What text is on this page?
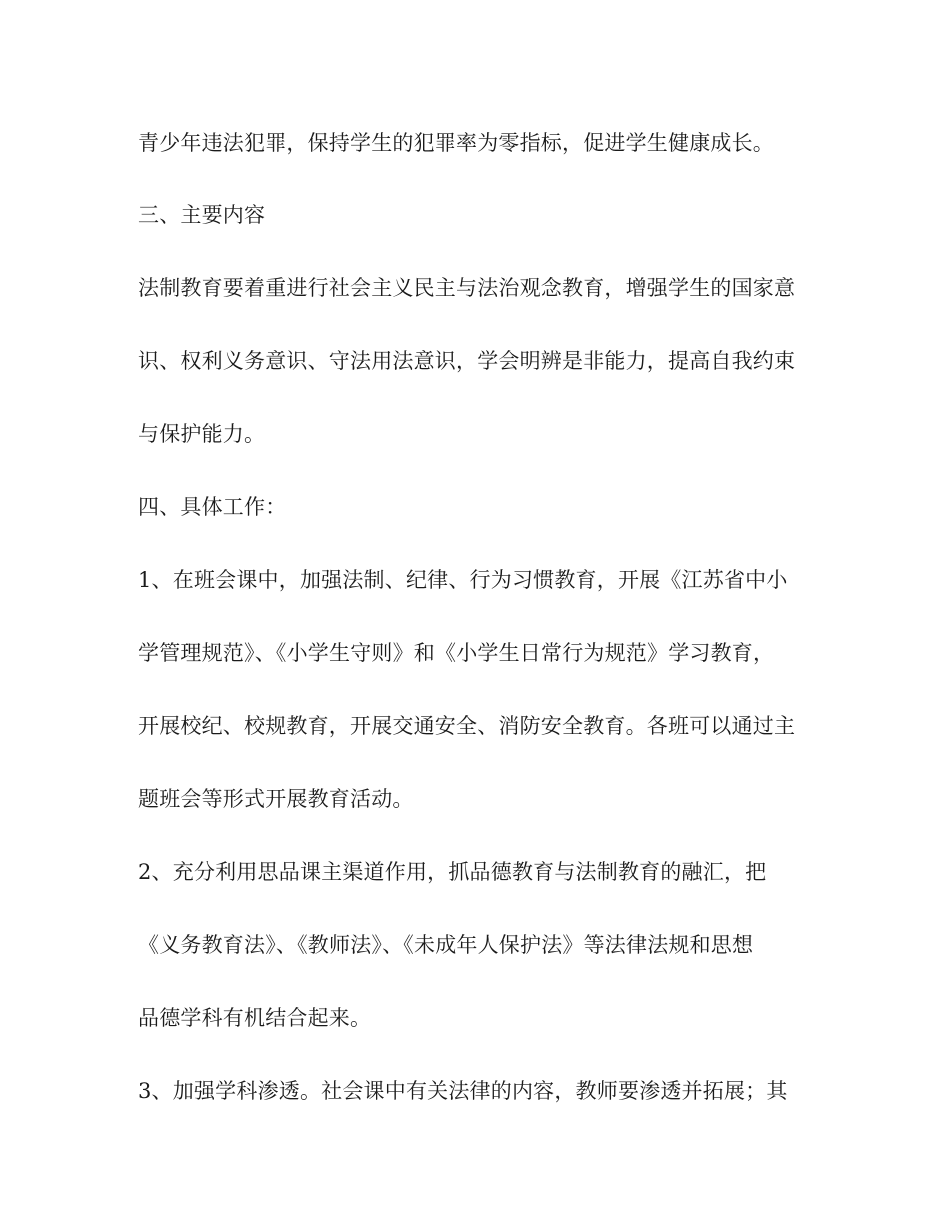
青少年违法犯罪，保持学生的犯罪率为零指标，促进学生健康成长。
三、主要内容
法制教育要着重进行社会主义民主与法治观念教育，增强学生的国家意
识、权利义务意识、守法用法意识，学会明辨是非能力，提高自我约束
与保护能力。
四、具体工作：
1、在班会课中，加强法制、纪律、行为习惯教育，开展《江苏省中小
学管理规范》、《小学生守则》和《小学生日常行为规范》学习教育，
开展校纪、校规教育，开展交通安全、消防安全教育。各班可以通过主
题班会等形式开展教育活动。
2、充分利用思品课主渠道作用，抓品德教育与法制教育的融汇，把
《义务教育法》、《教师法》、《未成年人保护法》等法律法规和思想
品德学科有机结合起来。
3、加强学科渗透。社会课中有关法律的内容，教师要渗透并拓展；其
